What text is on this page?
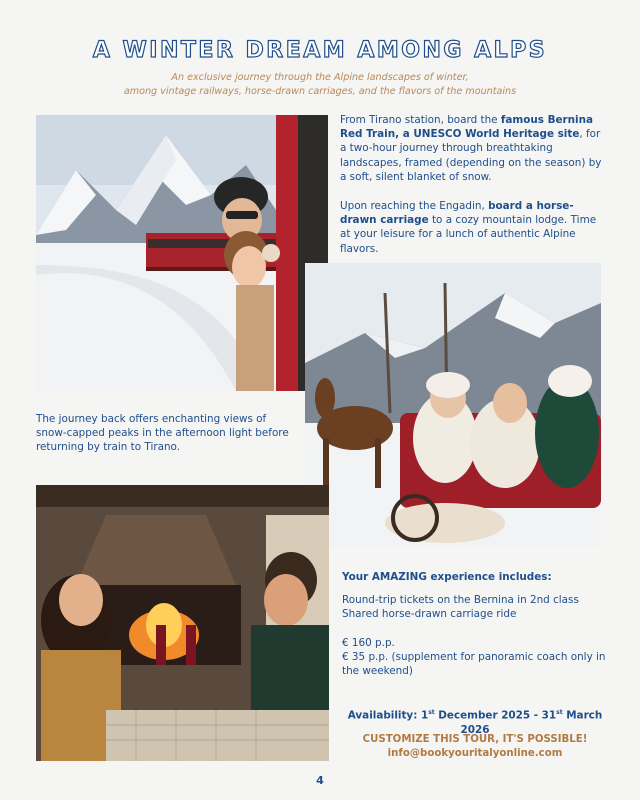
A WINTER DREAM AMONG ALPS
An exclusive journey through the Alpine landscapes of winter,
among vintage railways, horse-drawn carriages, and the flavors of the mountains
From Tirano station, board the famous Bernina Red Train, a UNESCO World Heritage site, for a two-hour journey through breathtaking landscapes, framed (depending on the season) by a soft, silent blanket of snow.
Upon reaching the Engadin, board a horse-drawn carriage to a cozy mountain lodge. Time at your leisure for a lunch of authentic Alpine flavors.
The journey back offers enchanting views of snow-capped peaks in the afternoon light before returning by train to Tirano.
Your AMAZING experience includes:
Round-trip tickets on the Bernina in 2nd class
Shared horse-drawn carriage ride
€ 160 p.p.
€ 35 p.p. (supplement for panoramic coach only in the weekend)
Availability: 1st December 2025 - 31st March 2026
CUSTOMIZE THIS TOUR, IT'S POSSIBLE!
info@bookyouritalyonline.com
4
